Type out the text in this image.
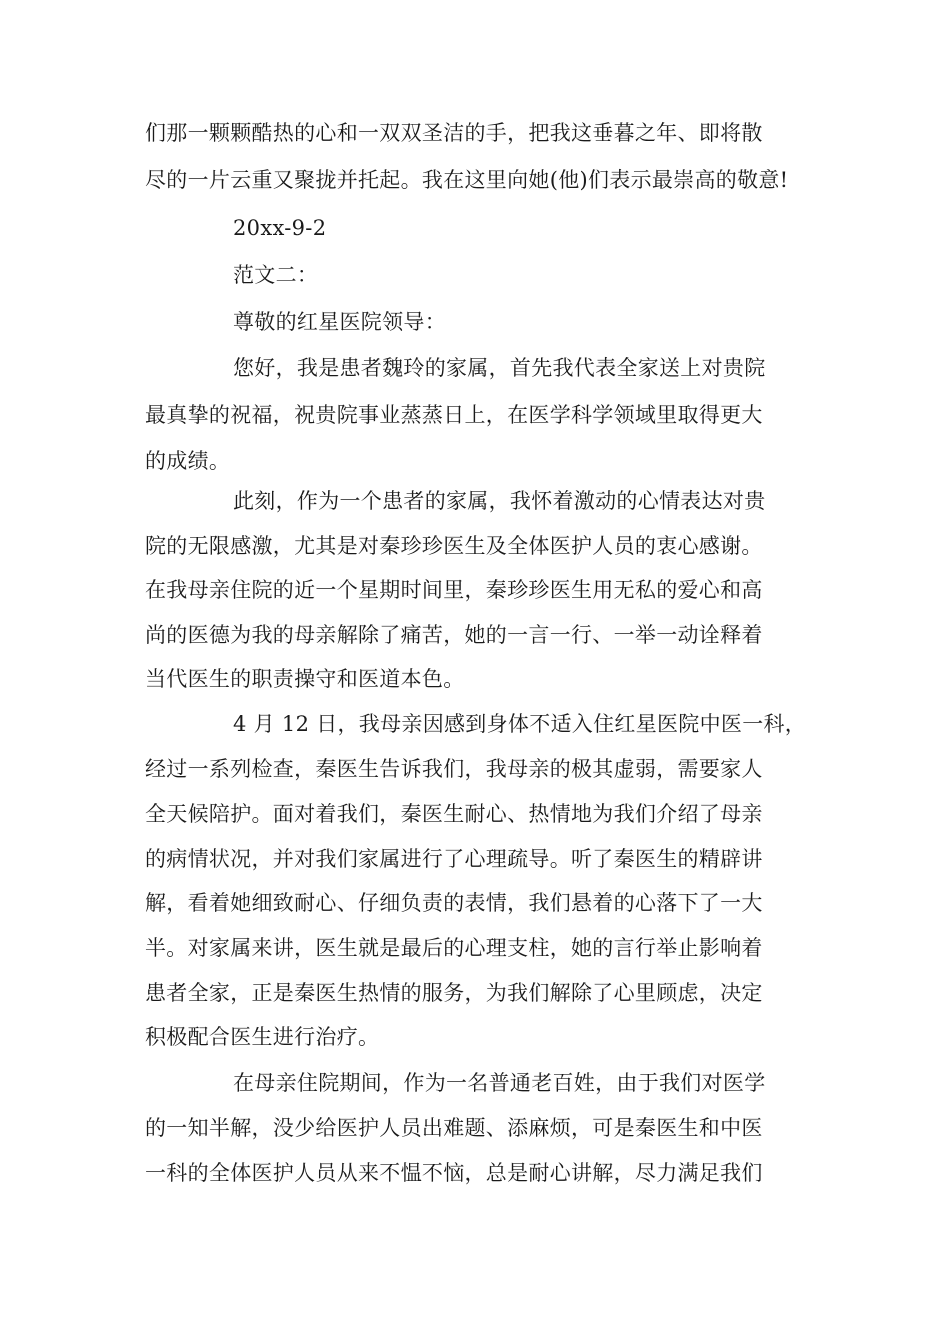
们那一颗颗酷热的心和一双双圣洁的手，把我这垂暮之年、即将散
尽的一片云重又聚拢并托起。我在这里向她(他)们表示最崇高的敬意!
20xx-9-2
范文二：
尊敬的红星医院领导：
您好，我是患者魏玲的家属，首先我代表全家送上对贵院
最真挚的祝福，祝贵院事业蒸蒸日上，在医学科学领域里取得更大
的成绩。
此刻，作为一个患者的家属，我怀着激动的心情表达对贵
院的无限感激，尤其是对秦珍珍医生及全体医护人员的衷心感谢。
在我母亲住院的近一个星期时间里，秦珍珍医生用无私的爱心和高
尚的医德为我的母亲解除了痛苦，她的一言一行、一举一动诠释着
当代医生的职责操守和医道本色。
4 月 12 日，我母亲因感到身体不适入住红星医院中医一科，
经过一系列检查，秦医生告诉我们，我母亲的极其虚弱，需要家人
全天候陪护。面对着我们，秦医生耐心、热情地为我们介绍了母亲
的病情状况，并对我们家属进行了心理疏导。听了秦医生的精辟讲
解，看着她细致耐心、仔细负责的表情，我们悬着的心落下了一大
半。对家属来讲，医生就是最后的心理支柱，她的言行举止影响着
患者全家，正是秦医生热情的服务，为我们解除了心里顾虑，决定
积极配合医生进行治疗。
在母亲住院期间，作为一名普通老百姓，由于我们对医学
的一知半解，没少给医护人员出难题、添麻烦，可是秦医生和中医
一科的全体医护人员从来不愠不恼，总是耐心讲解，尽力满足我们
